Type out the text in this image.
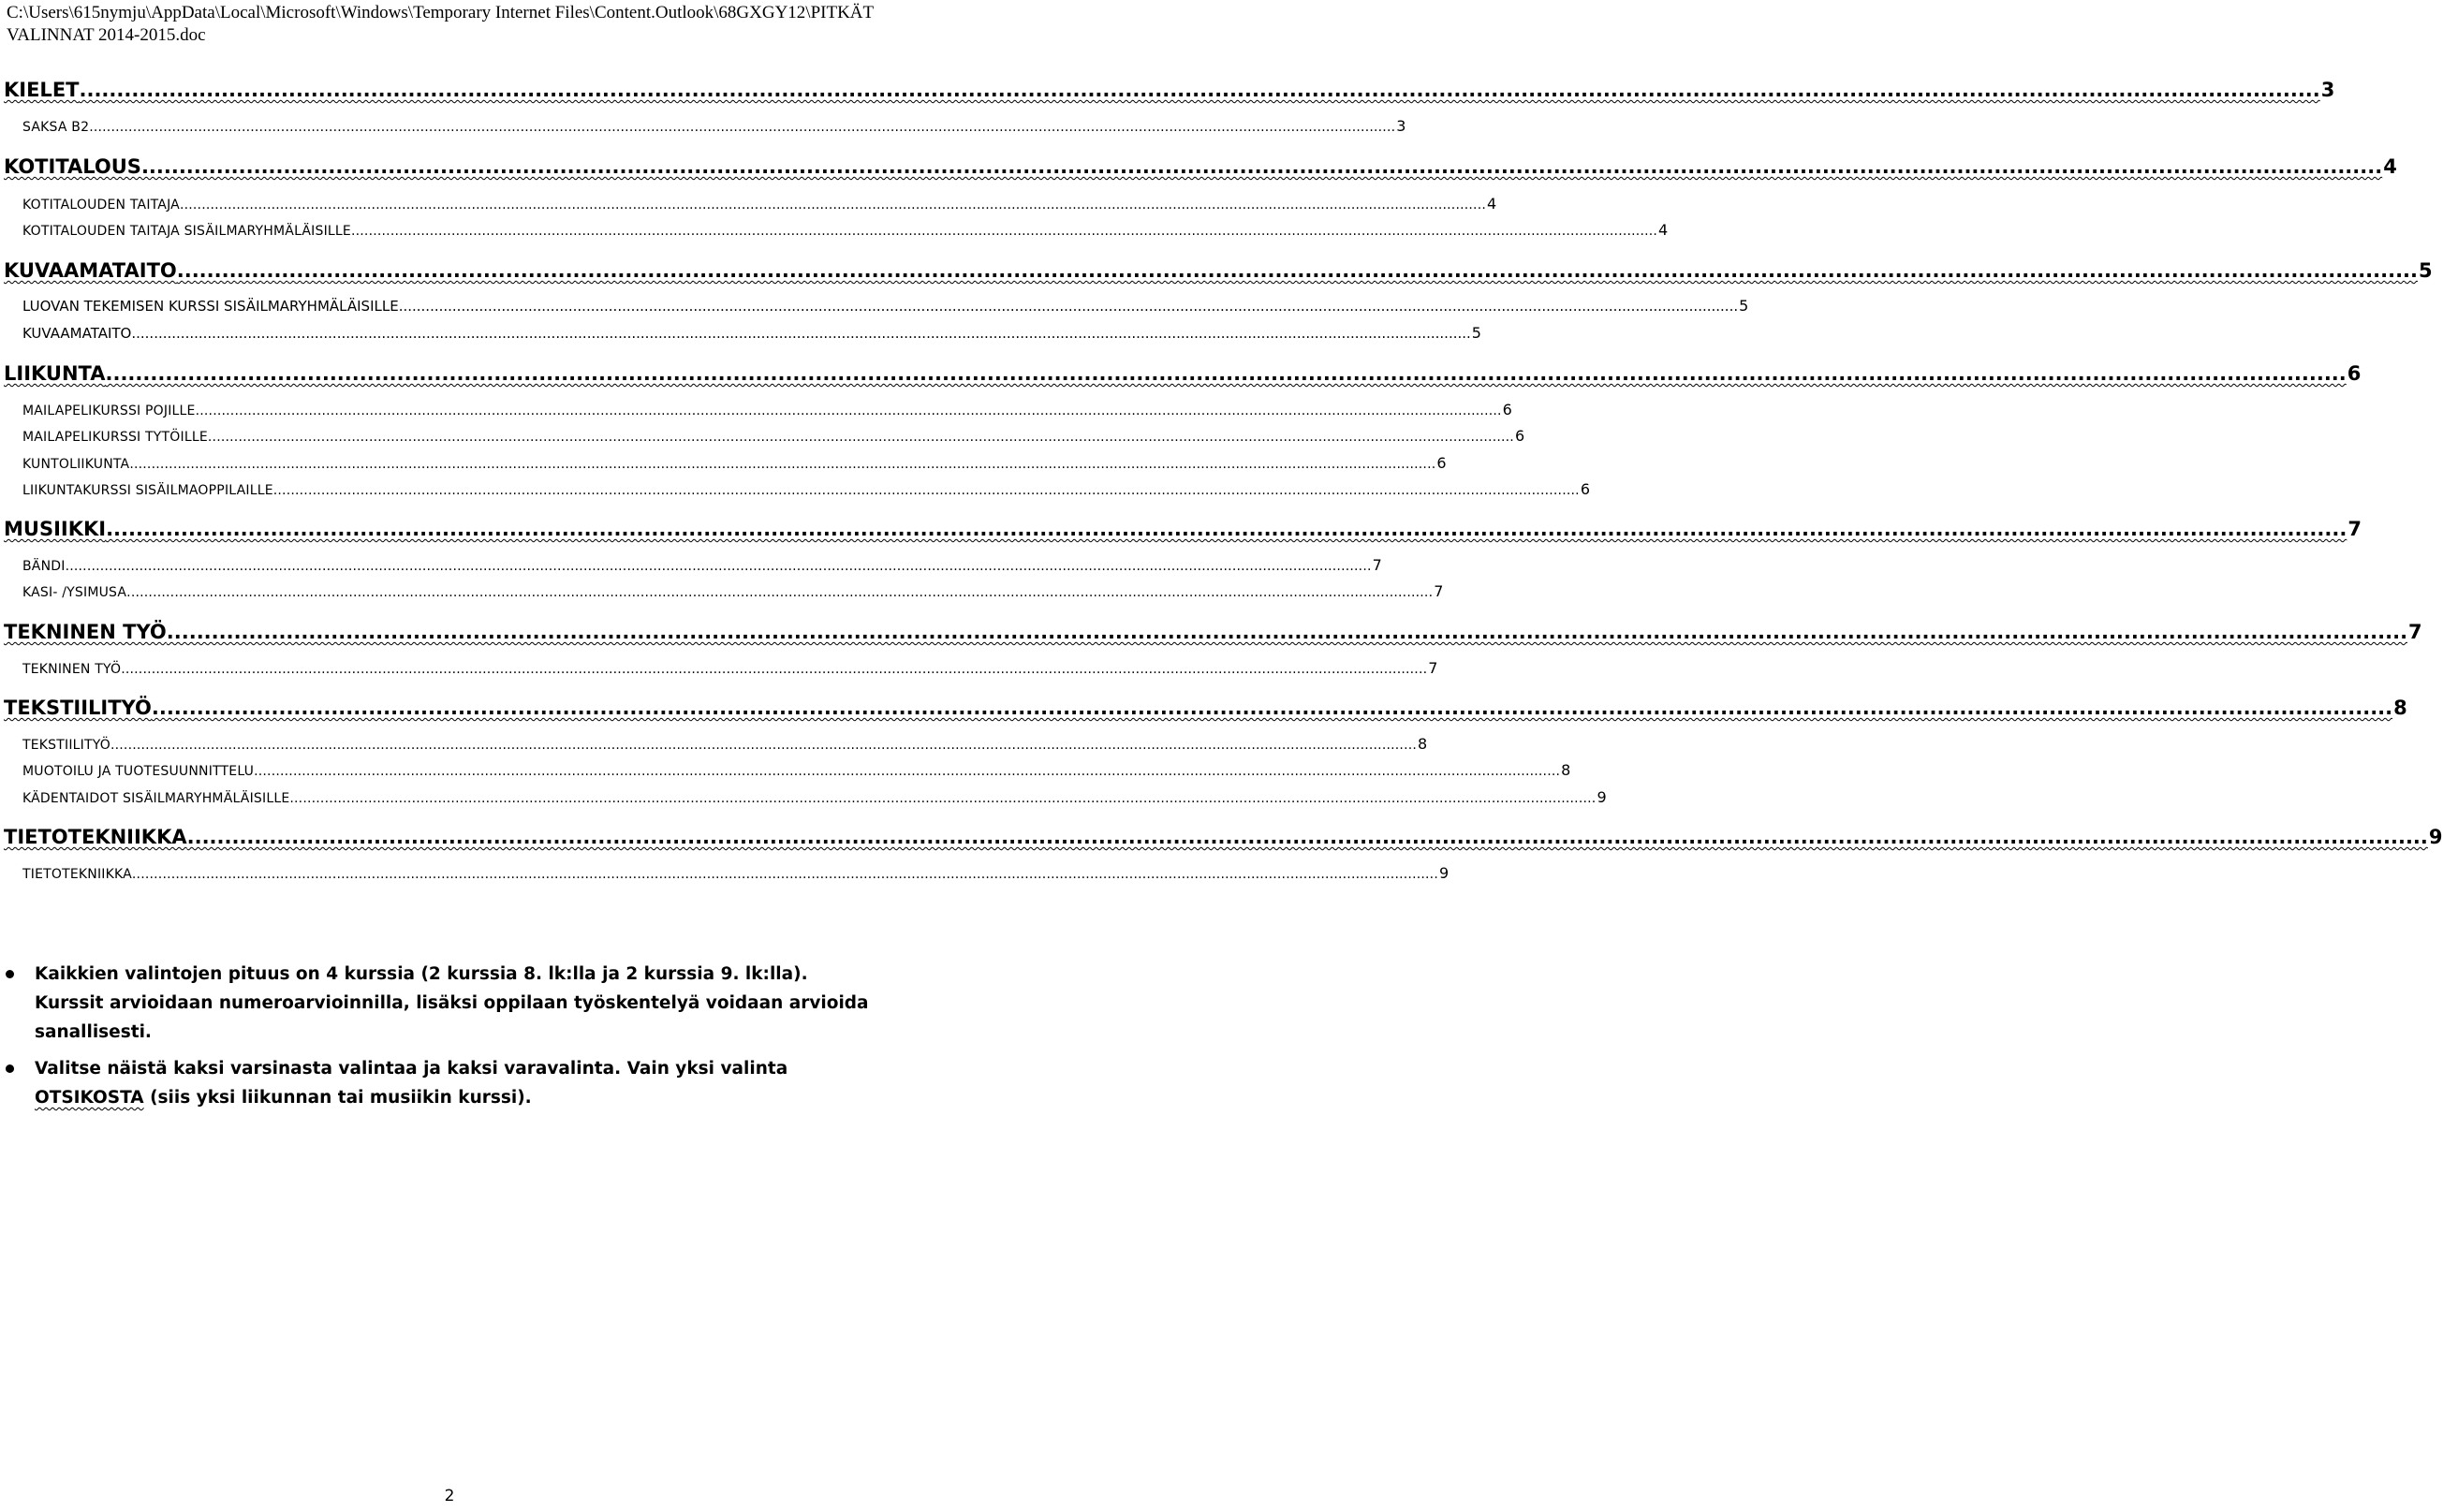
C:\Users\615nymju\AppData\Local\Microsoft\Windows\Temporary Internet Files\Content.Outlook\68GXGY12\PITKÄT VALINNAT 2014-2015.doc
KIELET ............................................................................................................................................................................................................................................................................................................ 3
SAKSA B2 ............................................................................................................................................................................................................................................................................................................ 3
KOTITALOUS ............................................................................................................................................................................................................................................................................................................ 4
KOTITALOUDEN TAITAJA ............................................................................................................................................................................................................................................................................................................ 4
KOTITALOUDEN TAITAJA SISÄILMARYHMÄLÄISILLE ............................................................................................................................................................................................................................................................................................................ 4
KUVAAMATAITO ............................................................................................................................................................................................................................................................................................................ 5
LUOVAN TEKEMISEN KURSSI SISÄILMARYHMÄLÄISILLE ............................................................................................................................................................................................................................................................................................................ 5
KUVAAMATAITO ............................................................................................................................................................................................................................................................................................................ 5
LIIKUNTA ............................................................................................................................................................................................................................................................................................................ 6
MAILAPELIKURSSI POJILLE ............................................................................................................................................................................................................................................................................................................ 6
MAILAPELIKURSSI TYTÖILLE ............................................................................................................................................................................................................................................................................................................ 6
KUNTOLIIKUNTA ............................................................................................................................................................................................................................................................................................................ 6
LIIKUNTAKURSSI SISÄILMAOPPILAILLE ............................................................................................................................................................................................................................................................................................................ 6
MUSIIKKI ............................................................................................................................................................................................................................................................................................................ 7
BÄNDI ............................................................................................................................................................................................................................................................................................................ 7
KASI- /YSIMUSA ............................................................................................................................................................................................................................................................................................................ 7
TEKNINEN TYÖ ............................................................................................................................................................................................................................................................................................................ 7
TEKNINEN TYÖ ............................................................................................................................................................................................................................................................................................................ 7
TEKSTIILITYÖ ............................................................................................................................................................................................................................................................................................................ 8
TEKSTIILITYÖ ............................................................................................................................................................................................................................................................................................................ 8
MUOTOILU JA TUOTESUUNNITTELU ............................................................................................................................................................................................................................................................................................................ 8
KÄDENTAIDOT SISÄILMARYHMÄLÄISILLE ............................................................................................................................................................................................................................................................................................................ 9
TIETOTEKNIIKKA ............................................................................................................................................................................................................................................................................................................ 9
TIETOTEKNIIKKA ............................................................................................................................................................................................................................................................................................................ 9
Kaikkien valintojen pituus on 4 kurssia (2 kurssia 8. lk:lla ja 2 kurssia 9. lk:lla). Kurssit arvioidaan numeroarvioinnilla, lisäksi oppilaan työskentelyä voidaan arvioida sanallisesti.
Valitse näistä kaksi varsinasta valintaa ja kaksi varavalinta. Vain yksi valinta OTSIKOSTA (siis yksi liikunnan tai musiikin kurssi).
2
